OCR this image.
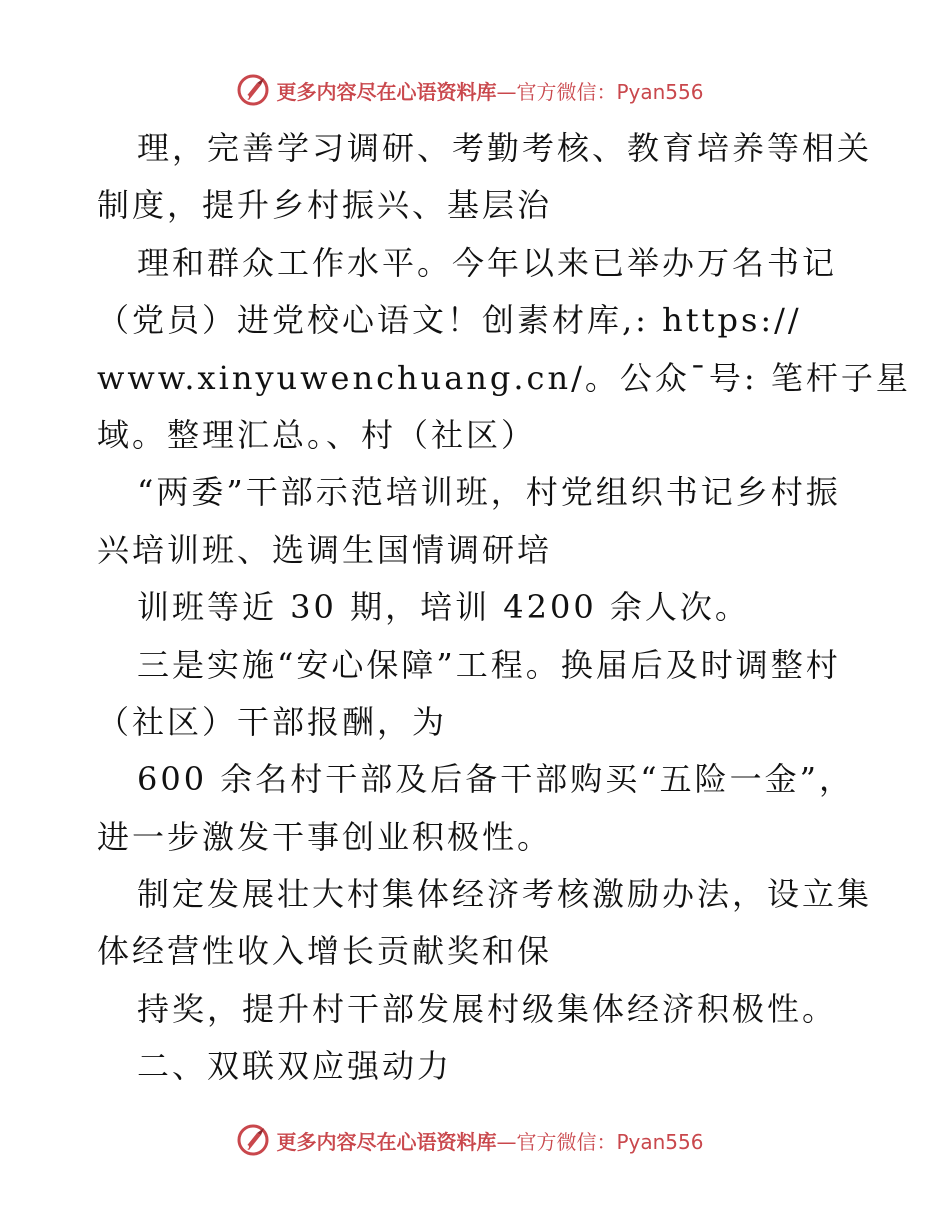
更多内容尽在心语资料库—官方微信：Pyan556
理，完善学习调研、考勤考核、教育培养等相关
制度，提升乡村振兴、基层治
理和群众工作水平。今年以来已举办万名书记
（党员）进党校心语文！创素材库,: https://
www.xinyuwenchuang.cn/。公众¯号: 笔杆子星
域。整理汇总。、村（社区）
“两委”干部示范培训班，村党组织书记乡村振
兴培训班、选调生国情调研培
训班等近 30 期，培训 4200 余人次。
三是实施“安心保障”工程。换届后及时调整村
（社区）干部报酬，为
600 余名村干部及后备干部购买“五险一金”，
进一步激发干事创业积极性。
制定发展壮大村集体经济考核激励办法，设立集
体经营性收入增长贡献奖和保
持奖，提升村干部发展村级集体经济积极性。
二、双联双应强动力
更多内容尽在心语资料库—官方微信：Pyan556
